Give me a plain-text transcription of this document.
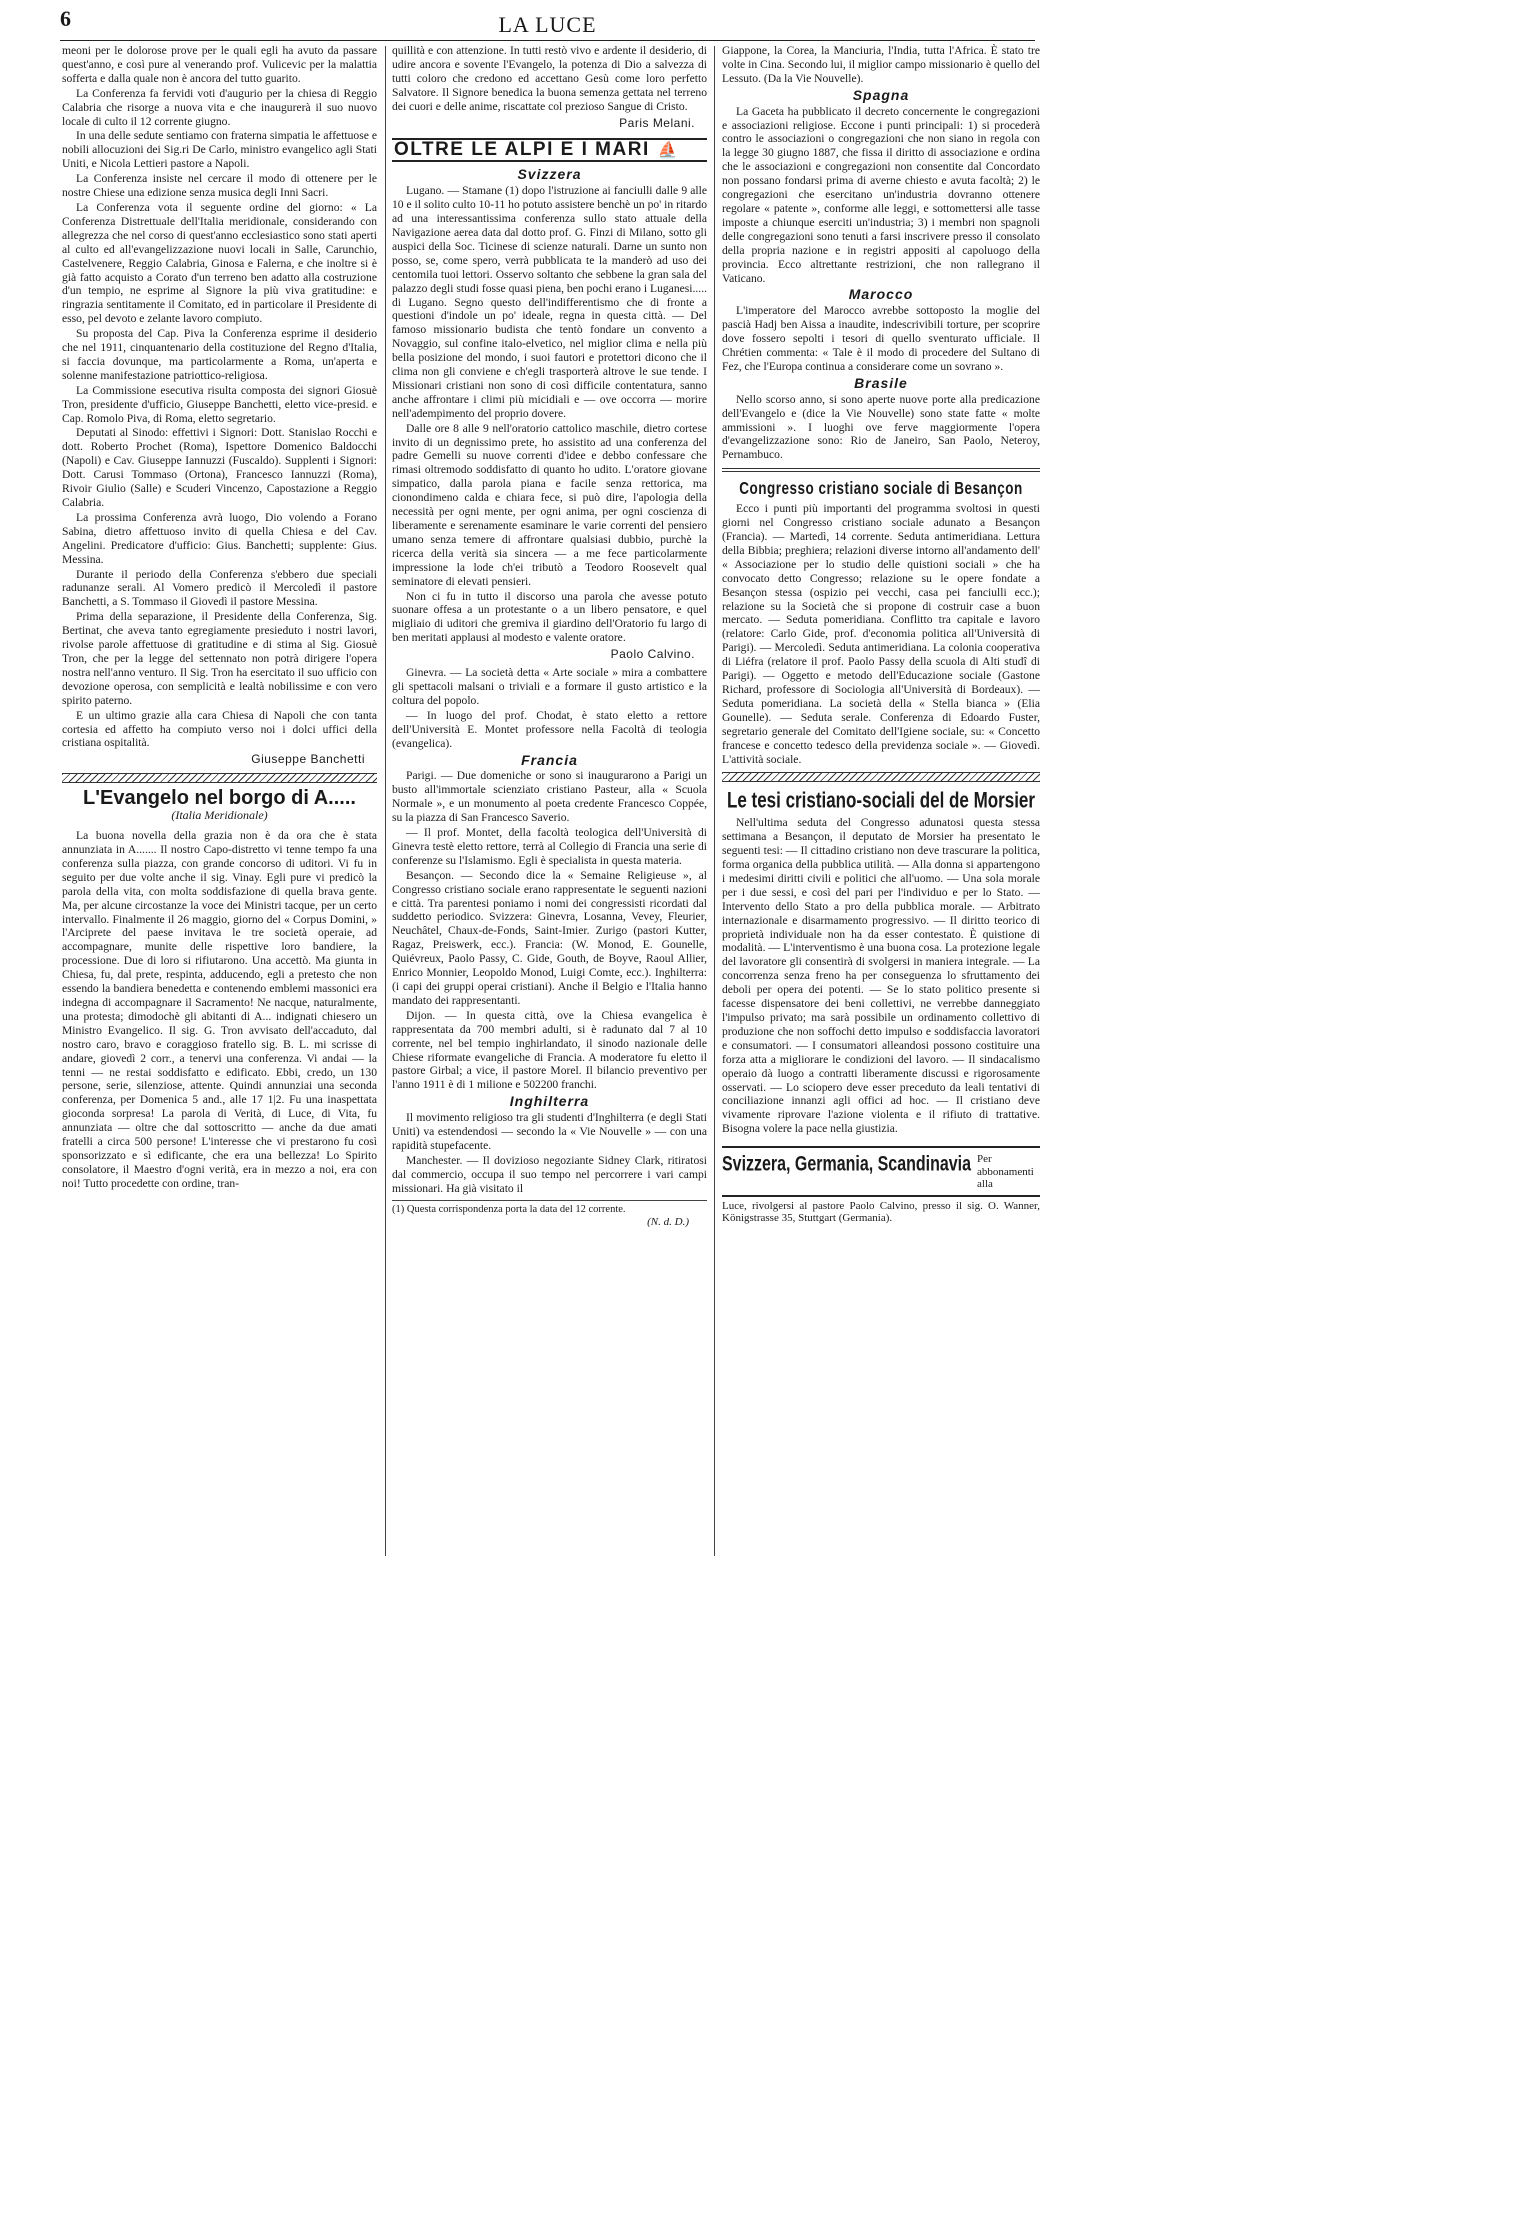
6	LA LUCE

meoni per le dolorose prove per le quali egli ha avuto da passare quest'anno, e così pure al venerando prof. Vulicevic per la malattia sofferta e dalla quale non è ancora del tutto guarito.

La Conferenza fa fervidi voti d'augurio per la chiesa di Reggio Calabria che risorge a nuova vita e che inaugurerà il suo nuovo locale di culto il 12 corrente giugno.

In una delle sedute sentiamo con fraterna simpatia le affettuose e nobili allocuzioni dei Sig.ri De Carlo, ministro evangelico agli Stati Uniti, e Nicola Lettieri pastore a Napoli.

La Conferenza insiste nel cercare il modo di ottenere per le nostre Chiese una edizione senza musica degli Inni Sacri.

La Conferenza vota il seguente ordine del giorno: « La Conferenza Distrettuale dell'Italia meridionale, considerando con allegrezza che nel corso di quest'anno ecclesiastico sono stati aperti al culto ed all'evangelizzazione nuovi locali in Salle, Carunchio, Castelvenere, Reggio Calabria, Ginosa e Falerna, e che inoltre si è già fatto acquisto a Corato d'un terreno ben adatto alla costruzione d'un tempio, ne esprime al Signore la più viva gratitudine: e ringrazia sentitamente il Comitato, ed in particolare il Presidente di esso, pel devoto e zelante lavoro compiuto.

Su proposta del Cap. Piva la Conferenza esprime il desiderio che nel 1911, cinquantenario della costituzione del Regno d'Italia, si faccia dovunque, ma particolarmente a Roma, un'aperta e solenne manifestazione patriottico-religiosa.

La Commissione esecutiva risulta composta dei signori Giosuè Tron, presidente d'ufficio, Giuseppe Banchetti, eletto vice-presid. e Cap. Romolo Piva, di Roma, eletto segretario.

Deputati al Sinodo: effettivi i Signori: Dott. Stanislao Rocchi e dott. Roberto Prochet (Roma), Ispettore Domenico Baldocchi (Napoli) e Cav. Giuseppe Iannuzzi (Fuscaldo). Supplenti i Signori: Dott. Carusi Tommaso (Ortona), Francesco Iannuzzi (Roma), Rivoir Giulio (Salle) e Scuderi Vincenzo, Capostazione a Reggio Calabria.

La prossima Conferenza avrà luogo, Dio volendo a Forano Sabina, dietro affettuoso invito di quella Chiesa e del Cav. Angelini. Predicatore d'ufficio: Gius. Banchetti; supplente: Gius. Messina.

Durante il periodo della Conferenza s'ebbero due speciali radunanze serali. Al Vomero predicò il Mercoledì il pastore Banchetti, a S. Tommaso il Giovedì il pastore Messina.

Prima della separazione, il Presidente della Conferenza, Sig. Bertinat, che aveva tanto egregiamente presieduto i nostri lavori, rivolse parole affettuose di gratitudine e di stima al Sig. Giosuè Tron, che per la legge del settennato non potrà dirigere l'opera nostra nell'anno venturo. Il Sig. Tron ha esercitato il suo ufficio con devozione operosa, con semplicità e lealtà nobilissime e con vero spirito paterno.

E un ultimo grazie alla cara Chiesa di Napoli che con tanta cortesia ed affetto ha compiuto verso noi i dolci uffici della cristiana ospitalità.

Giuseppe Banchetti
L'Evangelo nel borgo di A.....
(Italia Meridionale)

La buona novella della grazia non è da ora che è stata annunziata in A....... Il nostro Capo-distretto vi tenne tempo fa una conferenza sulla piazza, con grande concorso di uditori. Vi fu in seguito per due volte anche il sig. Vinay. Egli pure vi predicò la parola della vita, con molta soddisfazione di quella brava gente. Ma, per alcune circostanze la voce dei Ministri tacque, per un certo intervallo. Finalmente il 26 maggio, giorno del « Corpus Domini, » l'Arciprete del paese invitava le tre società operaie, ad accompagnare, munite delle rispettive loro bandiere, la processione. Due di loro si rifiutarono. Una accettò. Ma giunta in Chiesa, fu, dal prete, respinta, adducendo, egli a pretesto che non essendo la bandiera benedetta e contenendo emblemi massonici era indegna di accompagnare il Sacramento! Ne nacque, naturalmente, una protesta; dimodochè gli abitanti di A... indignati chiesero un Ministro Evangelico. Il sig. G. Tron avvisato dell'accaduto, dal nostro caro, bravo e coraggioso fratello sig. B. L. mi scrisse di andare, giovedì 2 corr., a tenervi una conferenza. Vi andai — la tenni — ne restai soddisfatto e edificato. Ebbi, credo, un 130 persone, serie, silenziose, attente. Quindi annunziai una seconda conferenza, per Domenica 5 and., alle 17 1|2. Fu una inaspettata gioconda sorpresa! La parola di Verità, di Luce, di Vita, fu annunziata — oltre che dal sottoscritto — anche da due amati fratelli a circa 500 persone! L'interesse che vi prestarono fu così sponsorizzato e sì edificante, che era una bellezza! Lo Spirito consolatore, il Maestro d'ogni verità, era in mezzo a noi, era con noi! Tutto procedette con ordine, tran-

quillità e con attenzione. In tutti restò vivo e ardente il desiderio, di udire ancora e sovente l'Evangelo, la potenza di Dio a salvezza di tutti coloro che credono ed accettano Gesù come loro perfetto Salvatore. Il Signore benedica la buona semenza gettata nel terreno dei cuori e delle anime, riscattate col prezioso Sangue di Cristo.

Paris Melani.
OLTRE LE ALPI E I MARI ⛵
Svizzera

Lugano. — Stamane (1) dopo l'istruzione ai fanciulli dalle 9 alle 10 e il solito culto 10-11 ho potuto assistere benchè un po' in ritardo ad una interessantissima conferenza sullo stato attuale della Navigazione aerea data dal dotto prof. G. Finzi di Milano, sotto gli auspici della Soc. Ticinese di scienze naturali. Darne un sunto non posso, se, come spero, verrà pubblicata te la manderò ad uso dei centomila tuoi lettori. Osservo soltanto che sebbene la gran sala del palazzo degli studi fosse quasi piena, ben pochi erano i Luganesi..... di Lugano. Segno questo dell'indifferentismo che di fronte a questioni d'indole un po' ideale, regna in questa città. — Del famoso missionario budista che tentò fondare un convento a Novaggio, sul confine italo-elvetico, nel miglior clima e nella più bella posizione del mondo, i suoi fautori e protettori dicono che il clima non gli conviene e ch'egli trasporterà altrove le sue tende. I Missionari cristiani non sono di così difficile contentatura, sanno anche affrontare i climi più micidiali e — ove occorra — morire nell'adempimento del proprio dovere.

Dalle ore 8 alle 9 nell'oratorio cattolico maschile, dietro cortese invito di un degnissimo prete, ho assistito ad una conferenza del padre Gemelli su nuove correnti d'idee e debbo confessare che rimasi oltremodo soddisfatto di quanto ho udito. L'oratore giovane simpatico, dalla parola piana e facile senza rettorica, ma cionondimeno calda e chiara fece, si può dire, l'apologia della necessità per ogni mente, per ogni anima, per ogni coscienza di liberamente e serenamente esaminare le varie correnti del pensiero umano senza temere di affrontare qualsiasi dubbio, purchè la ricerca della verità sia sincera — a me fece particolarmente impressione la lode ch'ei tributò a Teodoro Roosevelt qual seminatore di elevati pensieri.

Non ci fu in tutto il discorso una parola che avesse potuto suonare offesa a un protestante o a un libero pensatore, e quel migliaio di uditori che gremiva il giardino dell'Oratorio fu largo di ben meritati applausi al modesto e valente oratore.

Paolo Calvino.

Ginevra. — La società detta « Arte sociale » mira a combattere gli spettacoli malsani o triviali e a formare il gusto artistico e la coltura del popolo.

— In luogo del prof. Chodat, è stato eletto a rettore dell'Università E. Montet professore nella Facoltà di teologia (evangelica).

Francia

Parigi. — Due domeniche or sono si inaugurarono a Parigi un busto all'immortale scienziato cristiano Pasteur, alla « Scuola Normale », e un monumento al poeta credente Francesco Coppée, su la piazza di San Francesco Saverio.

— Il prof. Montet, della facoltà teologica dell'Università di Ginevra testè eletto rettore, terrà al Collegio di Francia una serie di conferenze su l'Islamismo. Egli è specialista in questa materia.

Besançon. — Secondo dice la « Semaine Religieuse », al Congresso cristiano sociale erano rappresentate le seguenti nazioni e città. Tra parentesi poniamo i nomi dei congressisti ricordati dal suddetto periodico. Svizzera: Ginevra, Losanna, Vevey, Fleurier, Neuchâtel, Chaux-de-Fonds, Saint-Imier. Zurigo (pastori Kutter, Ragaz, Preiswerk, ecc.). Francia: (W. Monod, E. Gounelle, Quiévreux, Paolo Passy, C. Gide, Gouth, de Boyve, Raoul Allier, Enrico Monnier, Leopoldo Monod, Luigi Comte, ecc.). Inghilterra: (i capi dei gruppi operai cristiani). Anche il Belgio e l'Italia hanno mandato dei rappresentanti.

Dijon. — In questa città, ove la Chiesa evangelica è rappresentata da 700 membri adulti, si è radunato dal 7 al 10 corrente, nel bel tempio inghirlandato, il sinodo nazionale delle Chiese riformate evangeliche di Francia. A moderatore fu eletto il pastore Girbal; a vice, il pastore Morel. Il bilancio preventivo per l'anno 1911 è di 1 milione e 502200 franchi.

Inghilterra

Il movimento religioso tra gli studenti d'Inghilterra (e degli Stati Uniti) va estendendosi — secondo la « Vie Nouvelle » — con una rapidità stupefacente.

Manchester. — Il dovizioso negoziante Sidney Clark, ritiratosi dal commercio, occupa il suo tempo nel percorrere i vari campi missionari. Ha già visitato il

(1) Questa corrispondenza porta la data del 12 corrente.
(N. d. D.)

Giappone, la Corea, la Manciuria, l'India, tutta l'Africa. È stato tre volte in Cina. Secondo lui, il miglior campo missionario è quello del Lessuto. (Da la Vie Nouvelle).

Spagna

La Gaceta ha pubblicato il decreto concernente le congregazioni e associazioni religiose. Eccone i punti principali: 1) si procederà contro le associazioni o congregazioni che non siano in regola con la legge 30 giugno 1887, che fissa il diritto di associazione e ordina che le associazioni e congregazioni non consentite dal Concordato non possano fondarsi prima di averne chiesto e avuta facoltà; 2) le congregazioni che esercitano un'industria dovranno ottenere regolare « patente », conforme alle leggi, e sottomettersi alle tasse imposte a chiunque eserciti un'industria; 3) i membri non spagnoli delle congregazioni sono tenuti a farsi inscrivere presso il consolato della propria nazione e in registri appositi al capoluogo della provincia. Ecco altrettante restrizioni, che non rallegrano il Vaticano.

Marocco

L'imperatore del Marocco avrebbe sottoposto la moglie del pascià Hadj ben Aissa a inaudite, indescrivibili torture, per scoprire dove fossero sepolti i tesori di quello sventurato ufficiale. Il Chrétien commenta: « Tale è il modo di procedere del Sultano di Fez, che l'Europa continua a considerare come un sovrano ».

Brasile

Nello scorso anno, si sono aperte nuove porte alla predicazione dell'Evangelo e (dice la Vie Nouvelle) sono state fatte « molte ammissioni ». I luoghi ove ferve maggiormente l'opera d'evangelizzazione sono: Rio de Janeiro, San Paolo, Neteroy, Pernambuco.

Congresso cristiano sociale di Besançon

Ecco i punti più importanti del programma svoltosi in questi giorni nel Congresso cristiano sociale adunato a Besançon (Francia). — Martedì, 14 corrente. Seduta antimeridiana. Lettura della Bibbia; preghiera; relazioni diverse intorno all'andamento dell' « Associazione per lo studio delle quistioni sociali » che ha convocato detto Congresso; relazione su le opere fondate a Besançon stessa (ospizio pei vecchi, casa pei fanciulli ecc.); relazione su la Società che si propone di costruir case a buon mercato. — Seduta pomeridiana. Conflitto tra capitale e lavoro (relatore: Carlo Gide, prof. d'economia politica all'Università di Parigi). — Mercoledì. Seduta antimeridiana. La colonia cooperativa di Liéfra (relatore il prof. Paolo Passy della scuola di Alti studî di Parigi). — Oggetto e metodo dell'Educazione sociale (Gastone Richard, professore di Sociologia all'Università di Bordeaux). — Seduta pomeridiana. La società della « Stella bianca » (Elia Gounelle). — Seduta serale. Conferenza di Edoardo Fuster, segretario generale del Comitato dell'Igiene sociale, su: « Concetto francese e concetto tedesco della previdenza sociale ». — Giovedì. L'attività sociale.

Le tesi cristiano-sociali del de Morsier

Nell'ultima seduta del Congresso adunatosi questa stessa settimana a Besançon, il deputato de Morsier ha presentato le seguenti tesi: — Il cittadino cristiano non deve trascurare la politica, forma organica della pubblica utilità. — Alla donna si appartengono i medesimi diritti civili e politici che all'uomo. — Una sola morale per i due sessi, e così del pari per l'individuo e per lo Stato. — Intervento dello Stato a pro della pubblica morale. — Arbitrato internazionale e disarmamento progressivo. — Il diritto teorico di proprietà individuale non ha da esser contestato. È quistione di modalità. — L'interventismo è una buona cosa. La protezione legale del lavoratore gli consentirà di svolgersi in maniera integrale. — La concorrenza senza freno ha per conseguenza lo sfruttamento dei deboli per opera dei potenti. — Se lo stato politico presente si facesse dispensatore dei beni collettivi, ne verrebbe danneggiato l'impulso privato; ma sarà possibile un ordinamento collettivo di produzione che non soffochi detto impulso e soddisfaccia lavoratori e consumatori. — I consumatori alleandosi possono costituire una forza atta a migliorare le condizioni del lavoro. — Il sindacalismo operaio dà luogo a contratti liberamente discussi e rigorosamente osservati. — Lo sciopero deve esser preceduto da leali tentativi di conciliazione innanzi agli offici ad hoc. — Il cristiano deve vivamente riprovare l'azione violenta e il rifiuto di trattative. Bisogna volere la pace nella giustizia.

Svizzera, Germania, Scandinavia Per abbonamenti alla
Luce, rivolgersi al pastore Paolo Calvino, presso il sig. O. Wanner, Königstrasse 35, Stuttgart (Germania).
